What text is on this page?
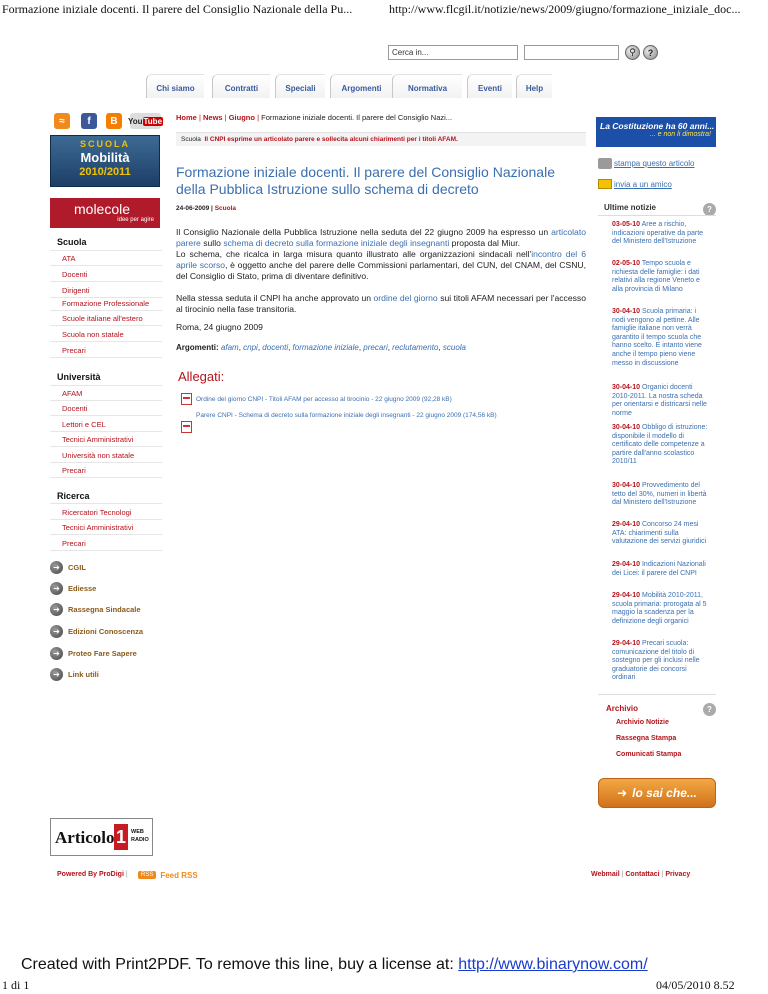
Formazione iniziale docenti. Il parere del Consiglio Nazionale della Pu...	http://www.flcgil.it/notizie/news/2009/giugno/formazione_iniziale_doc...
Cerca in...
⚲ ?
Chi siamo	Contratti	Speciali	Argomenti	Normativa	Eventi	Help
≈	f	B	You Tube
SCUOLA
Mobilità
2010/2011
molecole
idee per agire
La Costituzione ha 60 anni...
... e non li dimostra!
Scuola
ATA
Docenti
Dirigenti
Formazione Professionale
Scuole italiane all'estero
Scuola non statale
Precari
Università
AFAM
Docenti
Lettori e CEL
Tecnici Amministrativi
Università non statale
Precari
Ricerca
Ricercatori Tecnologi
Tecnici Amministrativi
Precari
➜	CGIL
➜	Ediesse
➜	Rassegna Sindacale
➜	Edizioni Conoscenza
➜	Proteo Fare Sapere
➜	Link utili
Home | News | Giugno | Formazione iniziale docenti. Il parere del Consiglio Nazi...
Scuola Il CNPI esprime un articolato parere e sollecita alcuni chiarimenti per i titoli AFAM.
stampa questo articolo
invia a un amico
Formazione iniziale docenti. Il parere del Consiglio Nazionale della Pubblica Istruzione sullo schema di decreto
24-06-2009 | Scuola
Il Consiglio Nazionale della Pubblica Istruzione nella seduta del 22 giugno 2009 ha espresso un articolato parere sullo schema di decreto sulla formazione iniziale degli insegnanti proposta dal Miur.
Lo schema, che ricalca in larga misura quanto illustrato alle organizzazioni sindacali nell'incontro del 6 aprile scorso, è oggetto anche del parere delle Commissioni parlamentari, del CUN, del CNAM, del CSNU, del Consiglio di Stato, prima di diventare definitivo.
Nella stessa seduta il CNPI ha anche approvato un ordine del giorno sui titoli AFAM necessari per l'accesso al tirocinio nella fase transitoria.
Roma, 24 giugno 2009
Argomenti: afam, cnpi, docenti, formazione iniziale, precari, reclutamento, scuola
Allegati:
Ordine del giorno CNPI - Titoli AFAM per accesso al tirocinio - 22 giugno 2009 (92,28 kB)
Parere CNPI - Schema di decreto sulla formazione iniziale degli insegnanti - 22 giugno 2009 (174,56 kB)
Ultime notizie	?
03-05-10 Aree a rischio, indicazioni operative da parte del Ministero dell'Istruzione
02-05-10 Tempo scuola e richiesta delle famiglie: i dati relativi alla regione Veneto e alla provincia di Milano
30-04-10 Scuola primaria: i nodi vengono al pettine. Alle famiglie italiane non verrà garantito il tempo scuola che hanno scelto. E intanto viene anche il tempo pieno viene messo in discussione
30-04-10 Organici docenti 2010-2011. La nostra scheda per orientarsi e districarsi nelle norme
30-04-10 Obbligo di istruzione: disponibile il modello di certificato delle competenze a partire dall'anno scolastico 2010/11
30-04-10 Provvedimento del tetto del 30%, numeri in libertà dal Ministero dell'Istruzione
29-04-10 Concorso 24 mesi ATA: chiarimenti sulla valutazione dei servizi giuridici
29-04-10 Indicazioni Nazionali dei Licei: il parere del CNPI
29-04-10 Mobilità 2010-2011, scuola primaria: prorogata al 5 maggio la scadenza per la definizione degli organici
29-04-10 Precari scuola: comunicazione del titolo di sostegno per gli inclusi nelle graduatorie dei concorsi ordinari
Archivio	?
Archivio Notizie
Rassegna Stampa
Comunicati Stampa
➜ lo sai che...
Articolo 1 WEB RADIO
Powered By ProDigi |	RSS Feed RSS	Webmail | Contattaci | Privacy
Created with Print2PDF. To remove this line, buy a license at: http://www.binarynow.com/
1 di 1	04/05/2010 8.52
